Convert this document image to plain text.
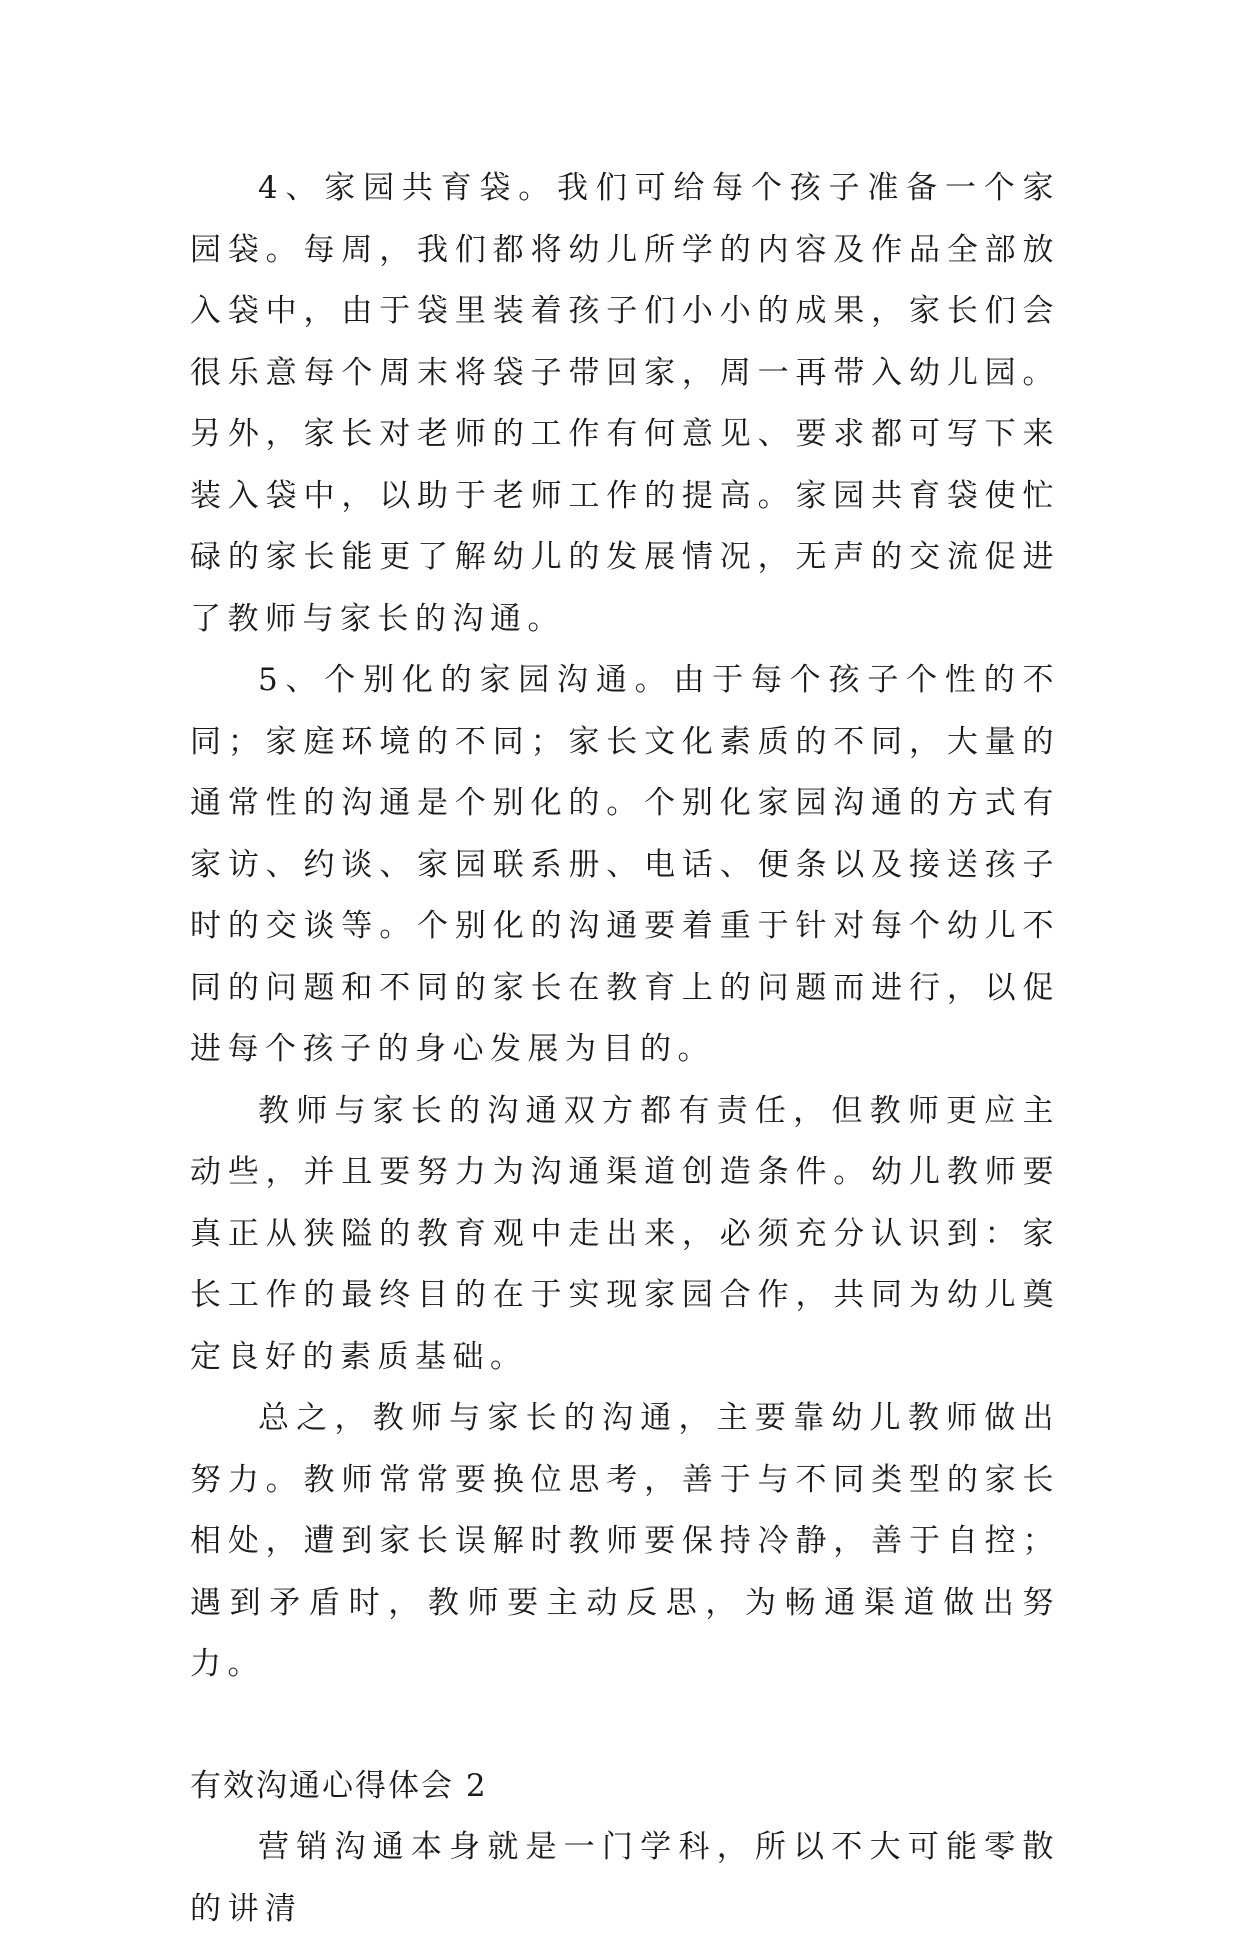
4、家园共育袋。我们可给每个孩子准备一个家园袋。每周，我们都将幼儿所学的内容及作品全部放入袋中，由于袋里装着孩子们小小的成果，家长们会很乐意每个周末将袋子带回家，周一再带入幼儿园。另外，家长对老师的工作有何意见、要求都可写下来装入袋中，以助于老师工作的提高。家园共育袋使忙碌的家长能更了解幼儿的发展情况，无声的交流促进了教师与家长的沟通。

5、个别化的家园沟通。由于每个孩子个性的不同；家庭环境的不同；家长文化素质的不同，大量的通常性的沟通是个别化的。个别化家园沟通的方式有家访、约谈、家园联系册、电话、便条以及接送孩子时的交谈等。个别化的沟通要着重于针对每个幼儿不同的问题和不同的家长在教育上的问题而进行，以促进每个孩子的身心发展为目的。

教师与家长的沟通双方都有责任，但教师更应主动些，并且要努力为沟通渠道创造条件。幼儿教师要真正从狭隘的教育观中走出来，必须充分认识到：家长工作的最终目的在于实现家园合作，共同为幼儿奠定良好的素质基础。

总之，教师与家长的沟通，主要靠幼儿教师做出努力。教师常常要换位思考，善于与不同类型的家长相处，遭到家长误解时教师要保持冷静，善于自控；遇到矛盾时，教师要主动反思，为畅通渠道做出努力。

有效沟通心得体会 2

营销沟通本身就是一门学科，所以不大可能零散的讲清
